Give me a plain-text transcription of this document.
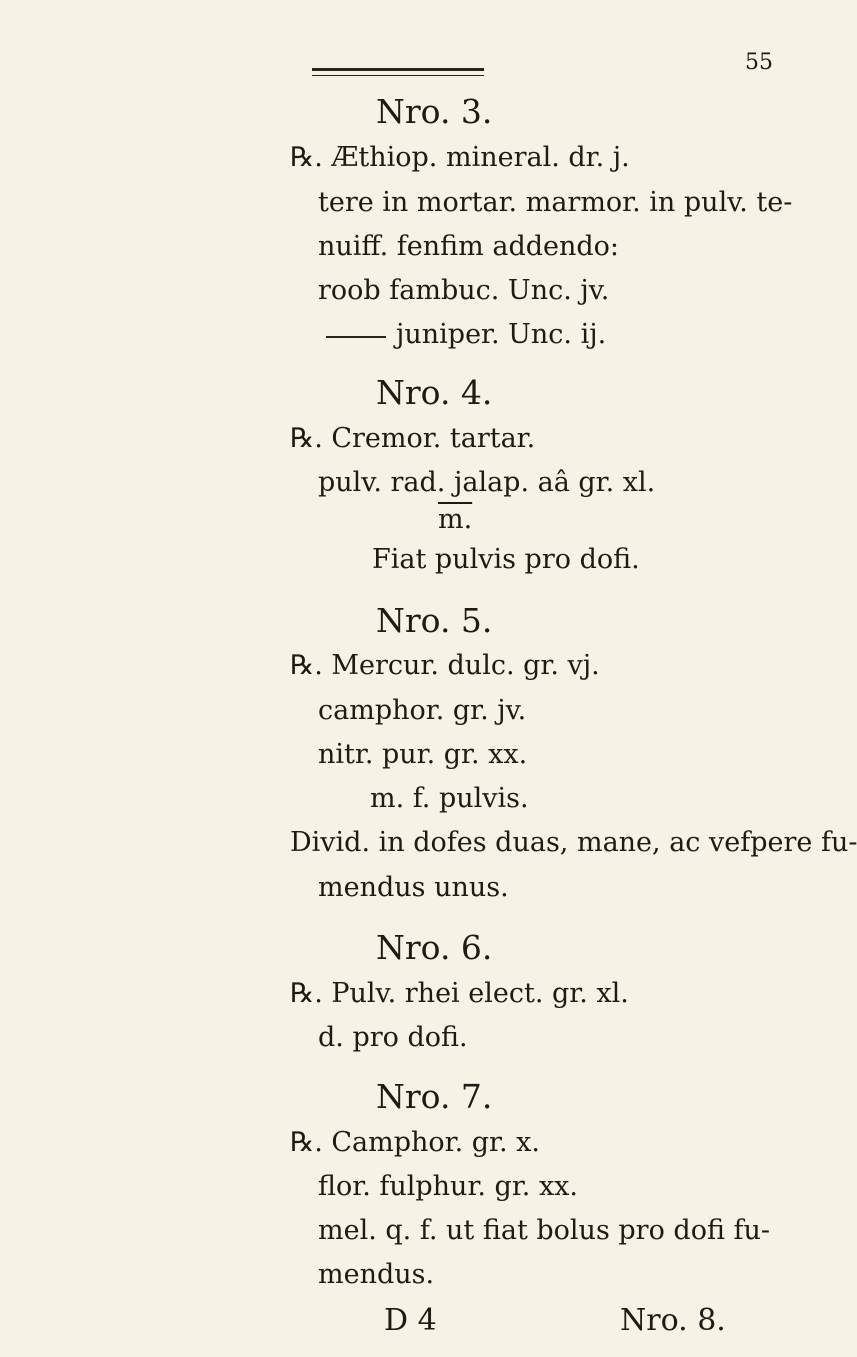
55
Nro. 3.
℞. Æthiop. mineral. dr. j.
tere in mortar. marmor. in pulv. te-
nuiff. fenfim addendo:
roob fambuc. Unc. jv.
juniper. Unc. ij.
Nro. 4.
℞. Cremor. tartar.
pulv. rad. jalap. aâ gr. xl.
m.
Fiat pulvis pro dofi.
Nro. 5.
℞. Mercur. dulc. gr. vj.
camphor. gr. jv.
nitr. pur. gr. xx.
m. f. pulvis.
Divid. in dofes duas, mane, ac vefpere fu-
mendus unus.
Nro. 6.
℞. Pulv. rhei elect. gr. xl.
d. pro dofi.
Nro. 7.
℞. Camphor. gr. x.
flor. fulphur. gr. xx.
mel. q. f. ut fiat bolus pro dofi fu-
mendus.
D 4	Nro. 8.
